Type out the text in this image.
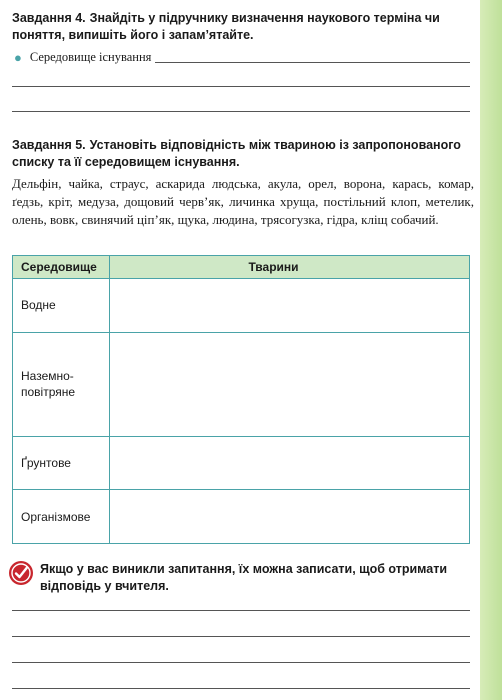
Завдання 4. Знайдіть у підручнику визначення наукового терміна чи поняття, випишіть його і запам’ятайте.
● Середовище існування
Завдання 5. Установіть відповідність між твариною із запропонованого списку та її середовищем існування.
Дельфін, чайка, страус, аскарида людська, акула, орел, ворона, карась, комар, ґедзь, кріт, медуза, дощовий черв’як, личинка хруща, постільний клоп, метелик, олень, вовк, свинячий ціп’як, щука, людина, трясогузка, гідра, кліщ собачий.
Середовище	Тварини
Водне	
Наземно-повітряне	
Ґрунтове	
Організмове	
Якщо у вас виникли запитання, їх можна записати, щоб отримати відповідь у вчителя.
